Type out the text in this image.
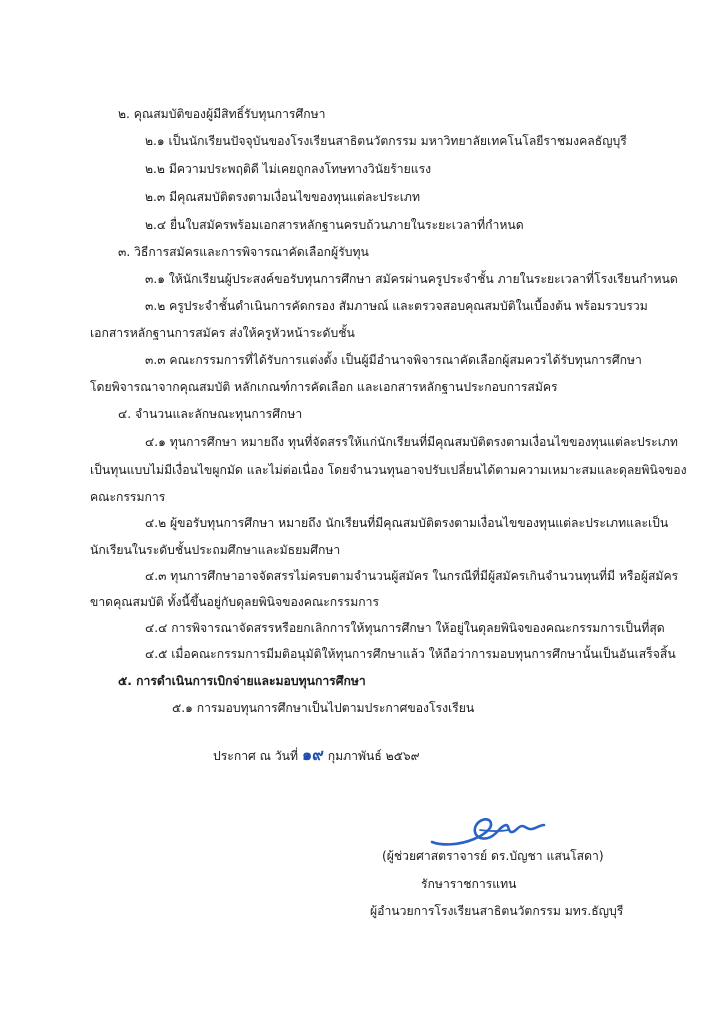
๒. คุณสมบัติของผู้มีสิทธิ์รับทุนการศึกษา
๒.๑ เป็นนักเรียนปัจจุบันของโรงเรียนสาธิตนวัตกรรม มหาวิทยาลัยเทคโนโลยีราชมงคลธัญบุรี
๒.๒ มีความประพฤติดี ไม่เคยถูกลงโทษทางวินัยร้ายแรง
๒.๓ มีคุณสมบัติตรงตามเงื่อนไขของทุนแต่ละประเภท
๒.๔ ยื่นใบสมัครพร้อมเอกสารหลักฐานครบถ้วนภายในระยะเวลาที่กำหนด
๓. วิธีการสมัครและการพิจารณาคัดเลือกผู้รับทุน
๓.๑ ให้นักเรียนผู้ประสงค์ขอรับทุนการศึกษา สมัครผ่านครูประจำชั้น ภายในระยะเวลาที่โรงเรียนกำหนด
๓.๒ ครูประจำชั้นดำเนินการคัดกรอง สัมภาษณ์ และตรวจสอบคุณสมบัติในเบื้องต้น พร้อมรวบรวม
เอกสารหลักฐานการสมัคร ส่งให้ครูหัวหน้าระดับชั้น
๓.๓ คณะกรรมการที่ได้รับการแต่งตั้ง เป็นผู้มีอำนาจพิจารณาคัดเลือกผู้สมควรได้รับทุนการศึกษา
โดยพิจารณาจากคุณสมบัติ หลักเกณฑ์การคัดเลือก และเอกสารหลักฐานประกอบการสมัคร
๔. จำนวนและลักษณะทุนการศึกษา
๔.๑ ทุนการศึกษา หมายถึง ทุนที่จัดสรรให้แก่นักเรียนที่มีคุณสมบัติตรงตามเงื่อนไขของทุนแต่ละประเภท
เป็นทุนแบบไม่มีเงื่อนไขผูกมัด และไม่ต่อเนื่อง โดยจำนวนทุนอาจปรับเปลี่ยนได้ตามความเหมาะสมและดุลยพินิจของ
คณะกรรมการ
๔.๒ ผู้ขอรับทุนการศึกษา หมายถึง นักเรียนที่มีคุณสมบัติตรงตามเงื่อนไขของทุนแต่ละประเภทและเป็น
นักเรียนในระดับชั้นประถมศึกษาและมัธยมศึกษา
๔.๓ ทุนการศึกษาอาจจัดสรรไม่ครบตามจำนวนผู้สมัคร ในกรณีที่มีผู้สมัครเกินจำนวนทุนที่มี หรือผู้สมัคร
ขาดคุณสมบัติ ทั้งนี้ขึ้นอยู่กับดุลยพินิจของคณะกรรมการ
๔.๔ การพิจารณาจัดสรรหรือยกเลิกการให้ทุนการศึกษา ให้อยู่ในดุลยพินิจของคณะกรรมการเป็นที่สุด
๔.๕ เมื่อคณะกรรมการมีมติอนุมัติให้ทุนการศึกษาแล้ว ให้ถือว่าการมอบทุนการศึกษานั้นเป็นอันเสร็จสิ้น
๕. การดำเนินการเบิกจ่ายและมอบทุนการศึกษา
๕.๑ การมอบทุนการศึกษาเป็นไปตามประกาศของโรงเรียน
ประกาศ ณ วันที่ ๑๙ กุมภาพันธ์ ๒๕๖๙
(ผู้ช่วยศาสตราจารย์ ดร.บัญชา แสนโสดา)
รักษาราชการแทน
ผู้อำนวยการโรงเรียนสาธิตนวัตกรรม มทร.ธัญบุรี
